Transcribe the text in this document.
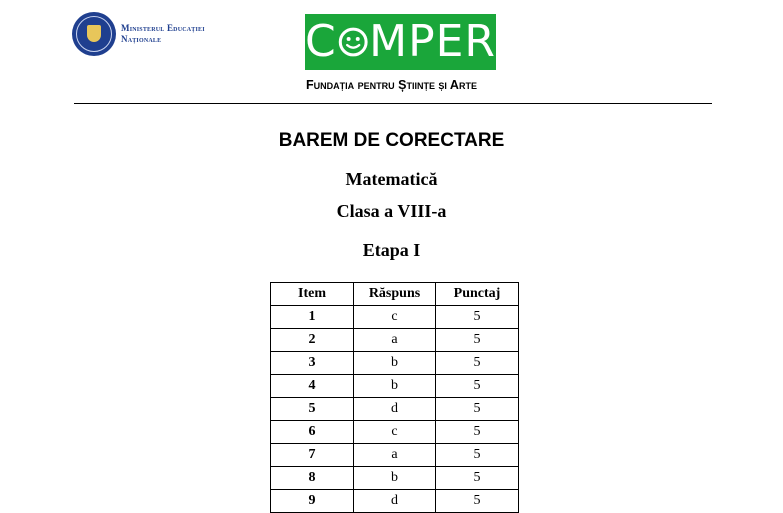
Ministerul Educației
Naționale	C MPER
Fundația pentru Științe și Arte
BAREM DE CORECTARE
Matematică
Clasa a VIII-a
Etapa I
Item	Răspuns	Punctaj
1	c	5
2	a	5
3	b	5
4	b	5
5	d	5
6	c	5
7	a	5
8	b	5
9	d	5
